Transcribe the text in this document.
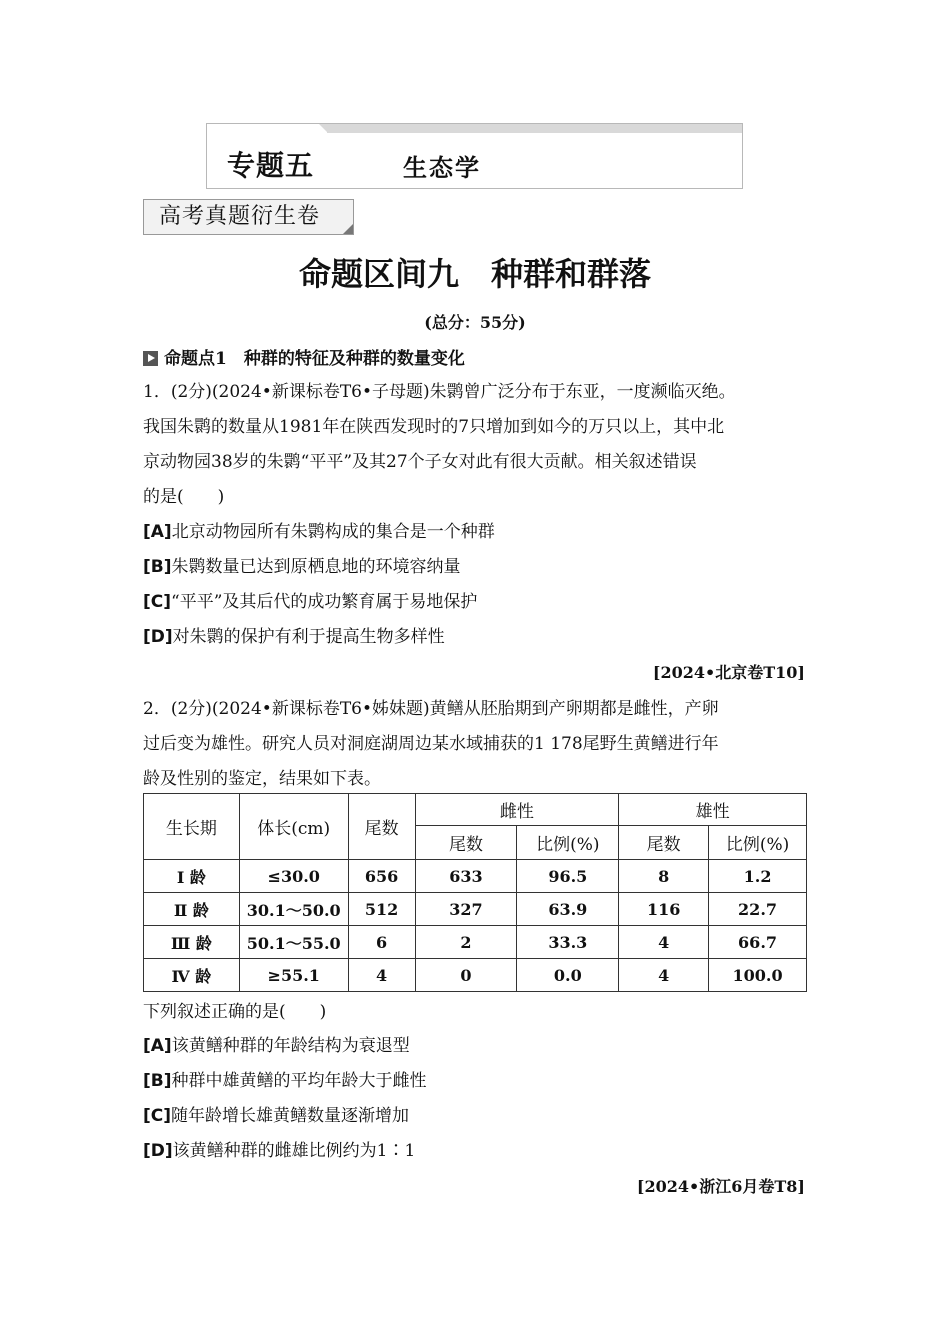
专题五	生态学
高考真题衍生卷
命题区间九　种群和群落
(总分：55分)
命题点1　种群的特征及种群的数量变化
1．(2分)(2024•新课标卷T6•子母题)朱鹮曾广泛分布于东亚，一度濒临灭绝。
我国朱鹮的数量从1981年在陕西发现时的7只增加到如今的万只以上，其中北
京动物园38岁的朱鹮“平平”及其27个子女对此有很大贡献。相关叙述错误
的是(　　)
[A]北京动物园所有朱鹮构成的集合是一个种群
[B]朱鹮数量已达到原栖息地的环境容纳量
[C]“平平”及其后代的成功繁育属于易地保护
[D]对朱鹮的保护有利于提高生物多样性
[2024•北京卷T10]
2．(2分)(2024•新课标卷T6•姊妹题)黄鳝从胚胎期到产卵期都是雌性，产卵
过后变为雄性。研究人员对洞庭湖周边某水域捕获的1 178尾野生黄鳝进行年
龄及性别的鉴定，结果如下表。
生长期	体长(cm)	尾数	雌性		雄性	
			尾数	比例(%)	尾数	比例(%)
Ⅰ 龄	≤30.0	656	633	96.5	8	1.2
Ⅱ 龄	30.1～50.0	512	327	63.9	116	22.7
Ⅲ 龄	50.1～55.0	6	2	33.3	4	66.7
Ⅳ 龄	≥55.1	4	0	0.0	4	100.0
下列叙述正确的是(　　)
[A]该黄鳝种群的年龄结构为衰退型
[B]种群中雄黄鳝的平均年龄大于雌性
[C]随年龄增长雄黄鳝数量逐渐增加
[D]该黄鳝种群的雌雄比例约为1∶1
[2024•浙江6月卷T8]
